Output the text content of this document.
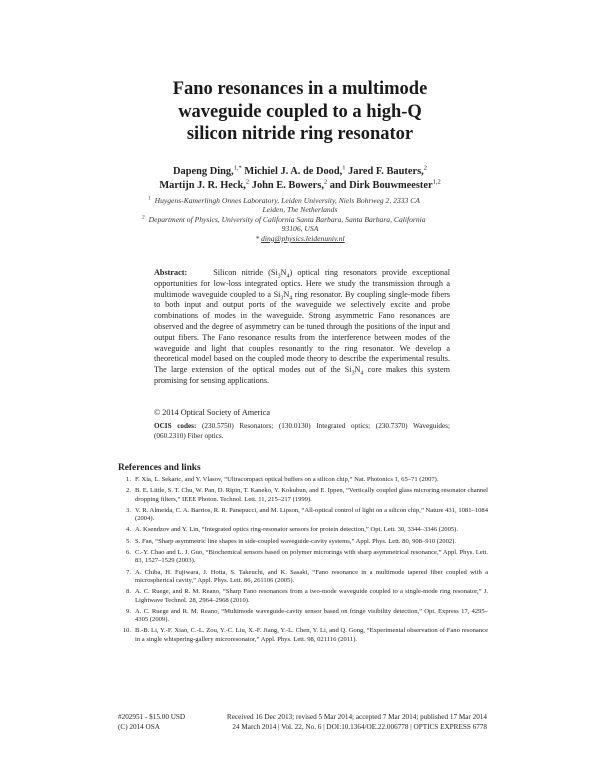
Fano resonances in a multimode
waveguide coupled to a high-Q
silicon nitride ring resonator
Dapeng Ding,$^{1,*}$ Michiel J. A. de Dood,$^1$ Jared F. Bauters,$^2$
Martijn J. R. Heck,$^2$ John E. Bowers,$^2$ and Dirk Bouwmeester$^{1,2}$
$^1$ Huygens-Kamerlingh Onnes Laboratory, Leiden University, Niels Bohrweg 2, 2333 CA
Leiden, The Netherlands
$^2$ Department of Physics, University of California Santa Barbara, Santa Barbara, California
93106, USA
* ding@physics.leidenuniv.nl
Abstract:	Silicon nitride $(Si_3N_4)$ optical ring resonators provide exceptional opportunities for low-loss integrated optics. Here we study the transmission through a multimode waveguide coupled to a $Si_3N_4$ ring resonator. By coupling single-mode fibers to both input and output ports of the waveguide we selectively excite and probe combinations of modes in the waveguide. Strong asymmetric Fano resonances are observed and the degree of asymmetry can be tuned through the positions of the input and output fibers. The Fano resonance results from the interference between modes of the waveguide and light that couples resonantly to the ring resonator. We develop a theoretical model based on the coupled mode theory to describe the experimental results. The large extension of the optical modes out of the $Si_3N_4$ core makes this system promising for sensing applications.
© 2014 Optical Society of America
OCIS codes: (230.5750) Resonators; (130.0130) Integrated optics; (230.7370) Waveguides; (060.2310) Fiber optics.
References and links
1. F. Xia, L. Sekaric, and Y. Vlasov, “Ultracompact optical buffers on a silicon chip,” Nat. Photonics 1, 65–71 (2007).
2. B. E. Little, S. T. Chu, W. Pan, D. Ripin, T. Kaneko, Y. Kokubun, and E. Ippen, “Vertically coupled glass microring resonator channel dropping filters,” IEEE Photon. Technol. Lett. 11, 215–217 (1999).
3. V. R. Almeida, C. A. Barrios, R. R. Panepucci, and M. Lipson, “All-optical control of light on a silicon chip,” Nature 431, 1081–1084 (2004).
4. A. Ksendzov and Y. Lin, “Integrated optics ring-resonator sensors for protein detection,” Opt. Lett. 30, 3344–3346 (2005).
5. S. Fan, “Sharp asymmetric line shapes in side-coupled waveguide-cavity systems,” Appl. Phys. Lett. 80, 908–910 (2002).
6. C.-Y. Chao and L. J. Guo, “Biochemical sensors based on polymer microrings with sharp asymmetrical resonance,” Appl. Phys. Lett. 83, 1527–1529 (2003).
7. A. Chiba, H. Fujiwara, J. Hotta, S. Takeuchi, and K. Sasaki, “Fano resonance in a multimode tapered fiber coupled with a microspherical cavity,” Appl. Phys. Lett. 86, 261106 (2005).
8. A. C. Ruege, and R. M. Reano, “Sharp Fano resonances from a two-mode waveguide coupled to a single-mode ring resonator,” J. Lightwave Technol. 28, 2964–2968 (2010).
9. A. C. Ruege and R. M. Reano, “Multimode waveguide-cavity sensor based on fringe visibility detection,” Opt. Express 17, 4295–4305 (2009).
10. B.-B. Li, Y.-F. Xiao, C.-L. Zou, Y.-C. Liu, X.-F. Jiang, Y.-L. Chen, Y. Li, and Q. Gong, “Experimental observation of Fano resonance in a single whispering-gallery microresonator,” Appl. Phys. Lett. 98, 021116 (2011).
#202951 - $15.00 USD
(C) 2014 OSA
Received 16 Dec 2013; revised 5 Mar 2014; accepted 7 Mar 2014; published 17 Mar 2014
24 March 2014 | Vol. 22, No. 6 | DOI:10.1364/OE.22.006778 | OPTICS EXPRESS 6778
